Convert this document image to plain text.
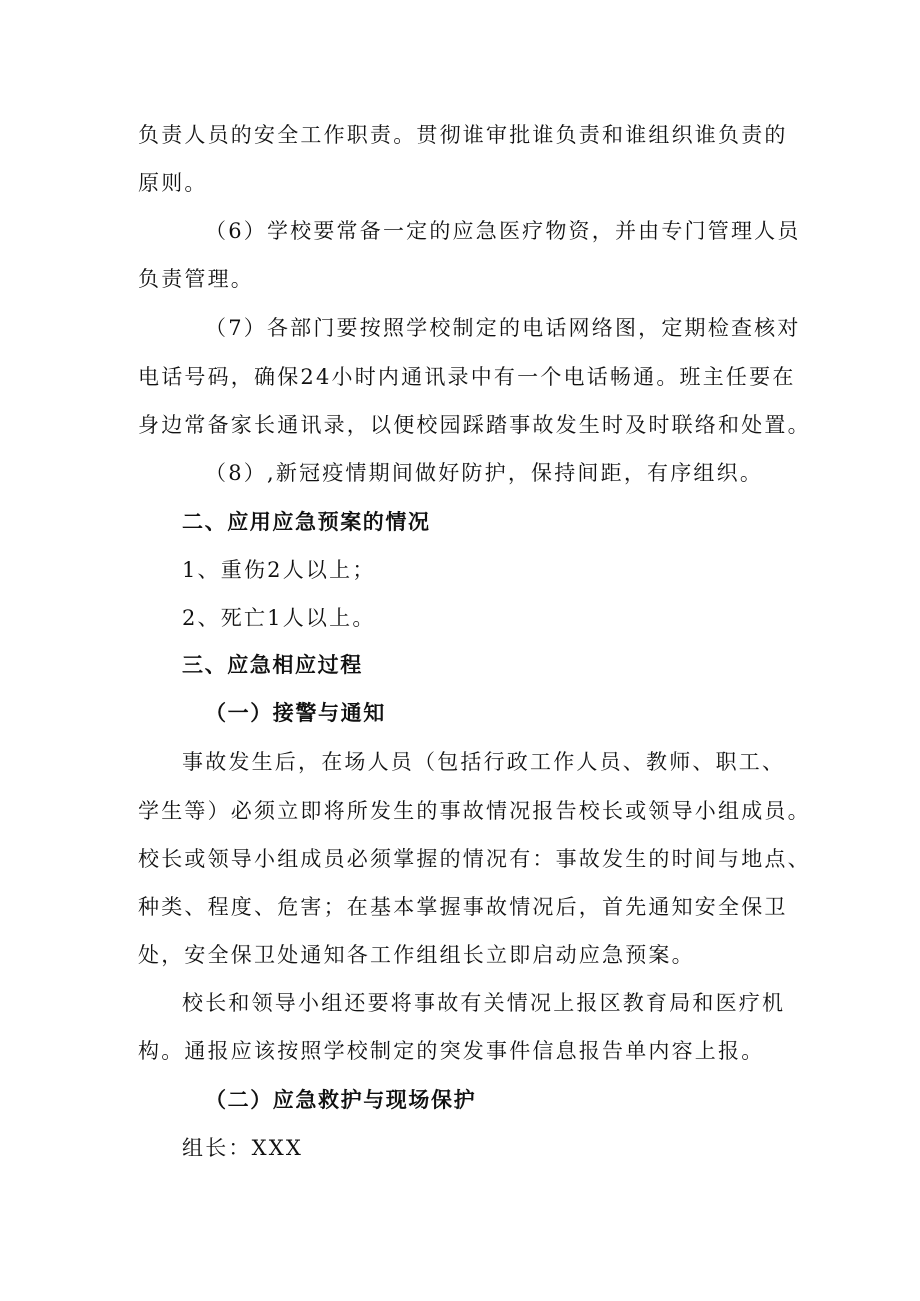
负责人员的安全工作职责。贯彻谁审批谁负责和谁组织谁负责的
原则。
（6）学校要常备一定的应急医疗物资，并由专门管理人员
负责管理。
（7）各部门要按照学校制定的电话网络图，定期检查核对
电话号码，确保24小时内通讯录中有一个电话畅通。班主任要在
身边常备家长通讯录，以便校园踩踏事故发生时及时联络和处置。
（8）,新冠疫情期间做好防护，保持间距，有序组织。
二、应用应急预案的情况
1、重伤2人以上；
2、死亡1人以上。
三、应急相应过程
（一）接警与通知
事故发生后，在场人员（包括行政工作人员、教师、职工、
学生等）必须立即将所发生的事故情况报告校长或领导小组成员。
校长或领导小组成员必须掌握的情况有：事故发生的时间与地点、
种类、程度、危害；在基本掌握事故情况后，首先通知安全保卫
处，安全保卫处通知各工作组组长立即启动应急预案。
校长和领导小组还要将事故有关情况上报区教育局和医疗机
构。通报应该按照学校制定的突发事件信息报告单内容上报。
（二）应急救护与现场保护
组长：XXX
